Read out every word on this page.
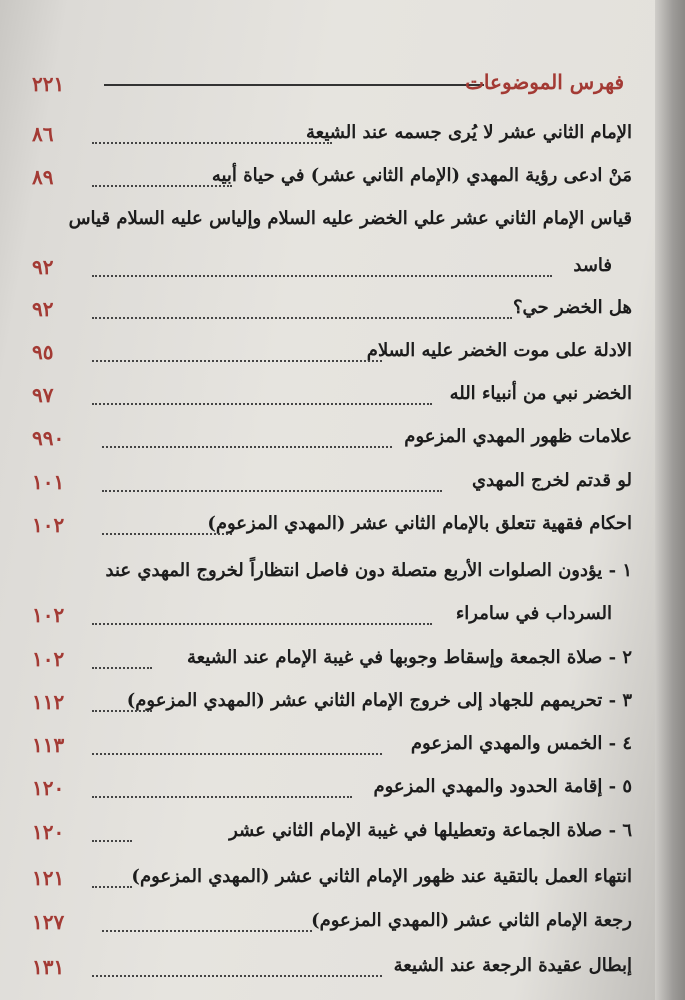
٢٢١	فهرس الموضوعات
الإمام الثاني عشر لا يُرى جسمه عند الشيعة
٨٦
مَنْ ادعى رؤية المهدي (الإمام الثاني عشر) في حياة أبيه
٨٩
قياس الإمام الثاني عشر علي الخضر عليه السلام وإلياس عليه السلام قياس
فاسد
٩٢
هل الخضر حي؟
٩٢
الادلة على موت الخضر عليه السلام
٩٥
الخضر نبي من أنبياء الله
٩٧
علامات ظهور المهدي المزعوم
٩٩٠
لو قدتم لخرج المهدي
١٠١
احكام فقهية تتعلق بالإمام الثاني عشر (المهدي المزعوم)
١٠٢
١ - يؤدون الصلوات الأربع متصلة دون فاصل انتظاراً لخروج المهدي عند
السرداب في سامراء
١٠٢
٢ - صلاة الجمعة وإسقاط وجوبها في غيبة الإمام عند الشيعة
١٠٢
٣ - تحريمهم للجهاد إلى خروج الإمام الثاني عشر (المهدي المزعوم)
١١٢
٤ - الخمس والمهدي المزعوم
١١٣
٥ - إقامة الحدود والمهدي المزعوم
١٢٠
٦ - صلاة الجماعة وتعطيلها في غيبة الإمام الثاني عشر
١٢٠
انتهاء العمل بالتقية عند ظهور الإمام الثاني عشر (المهدي المزعوم)
١٢١
رجعة الإمام الثاني عشر (المهدي المزعوم)
١٢٧
إبطال عقيدة الرجعة عند الشيعة
١٣١
